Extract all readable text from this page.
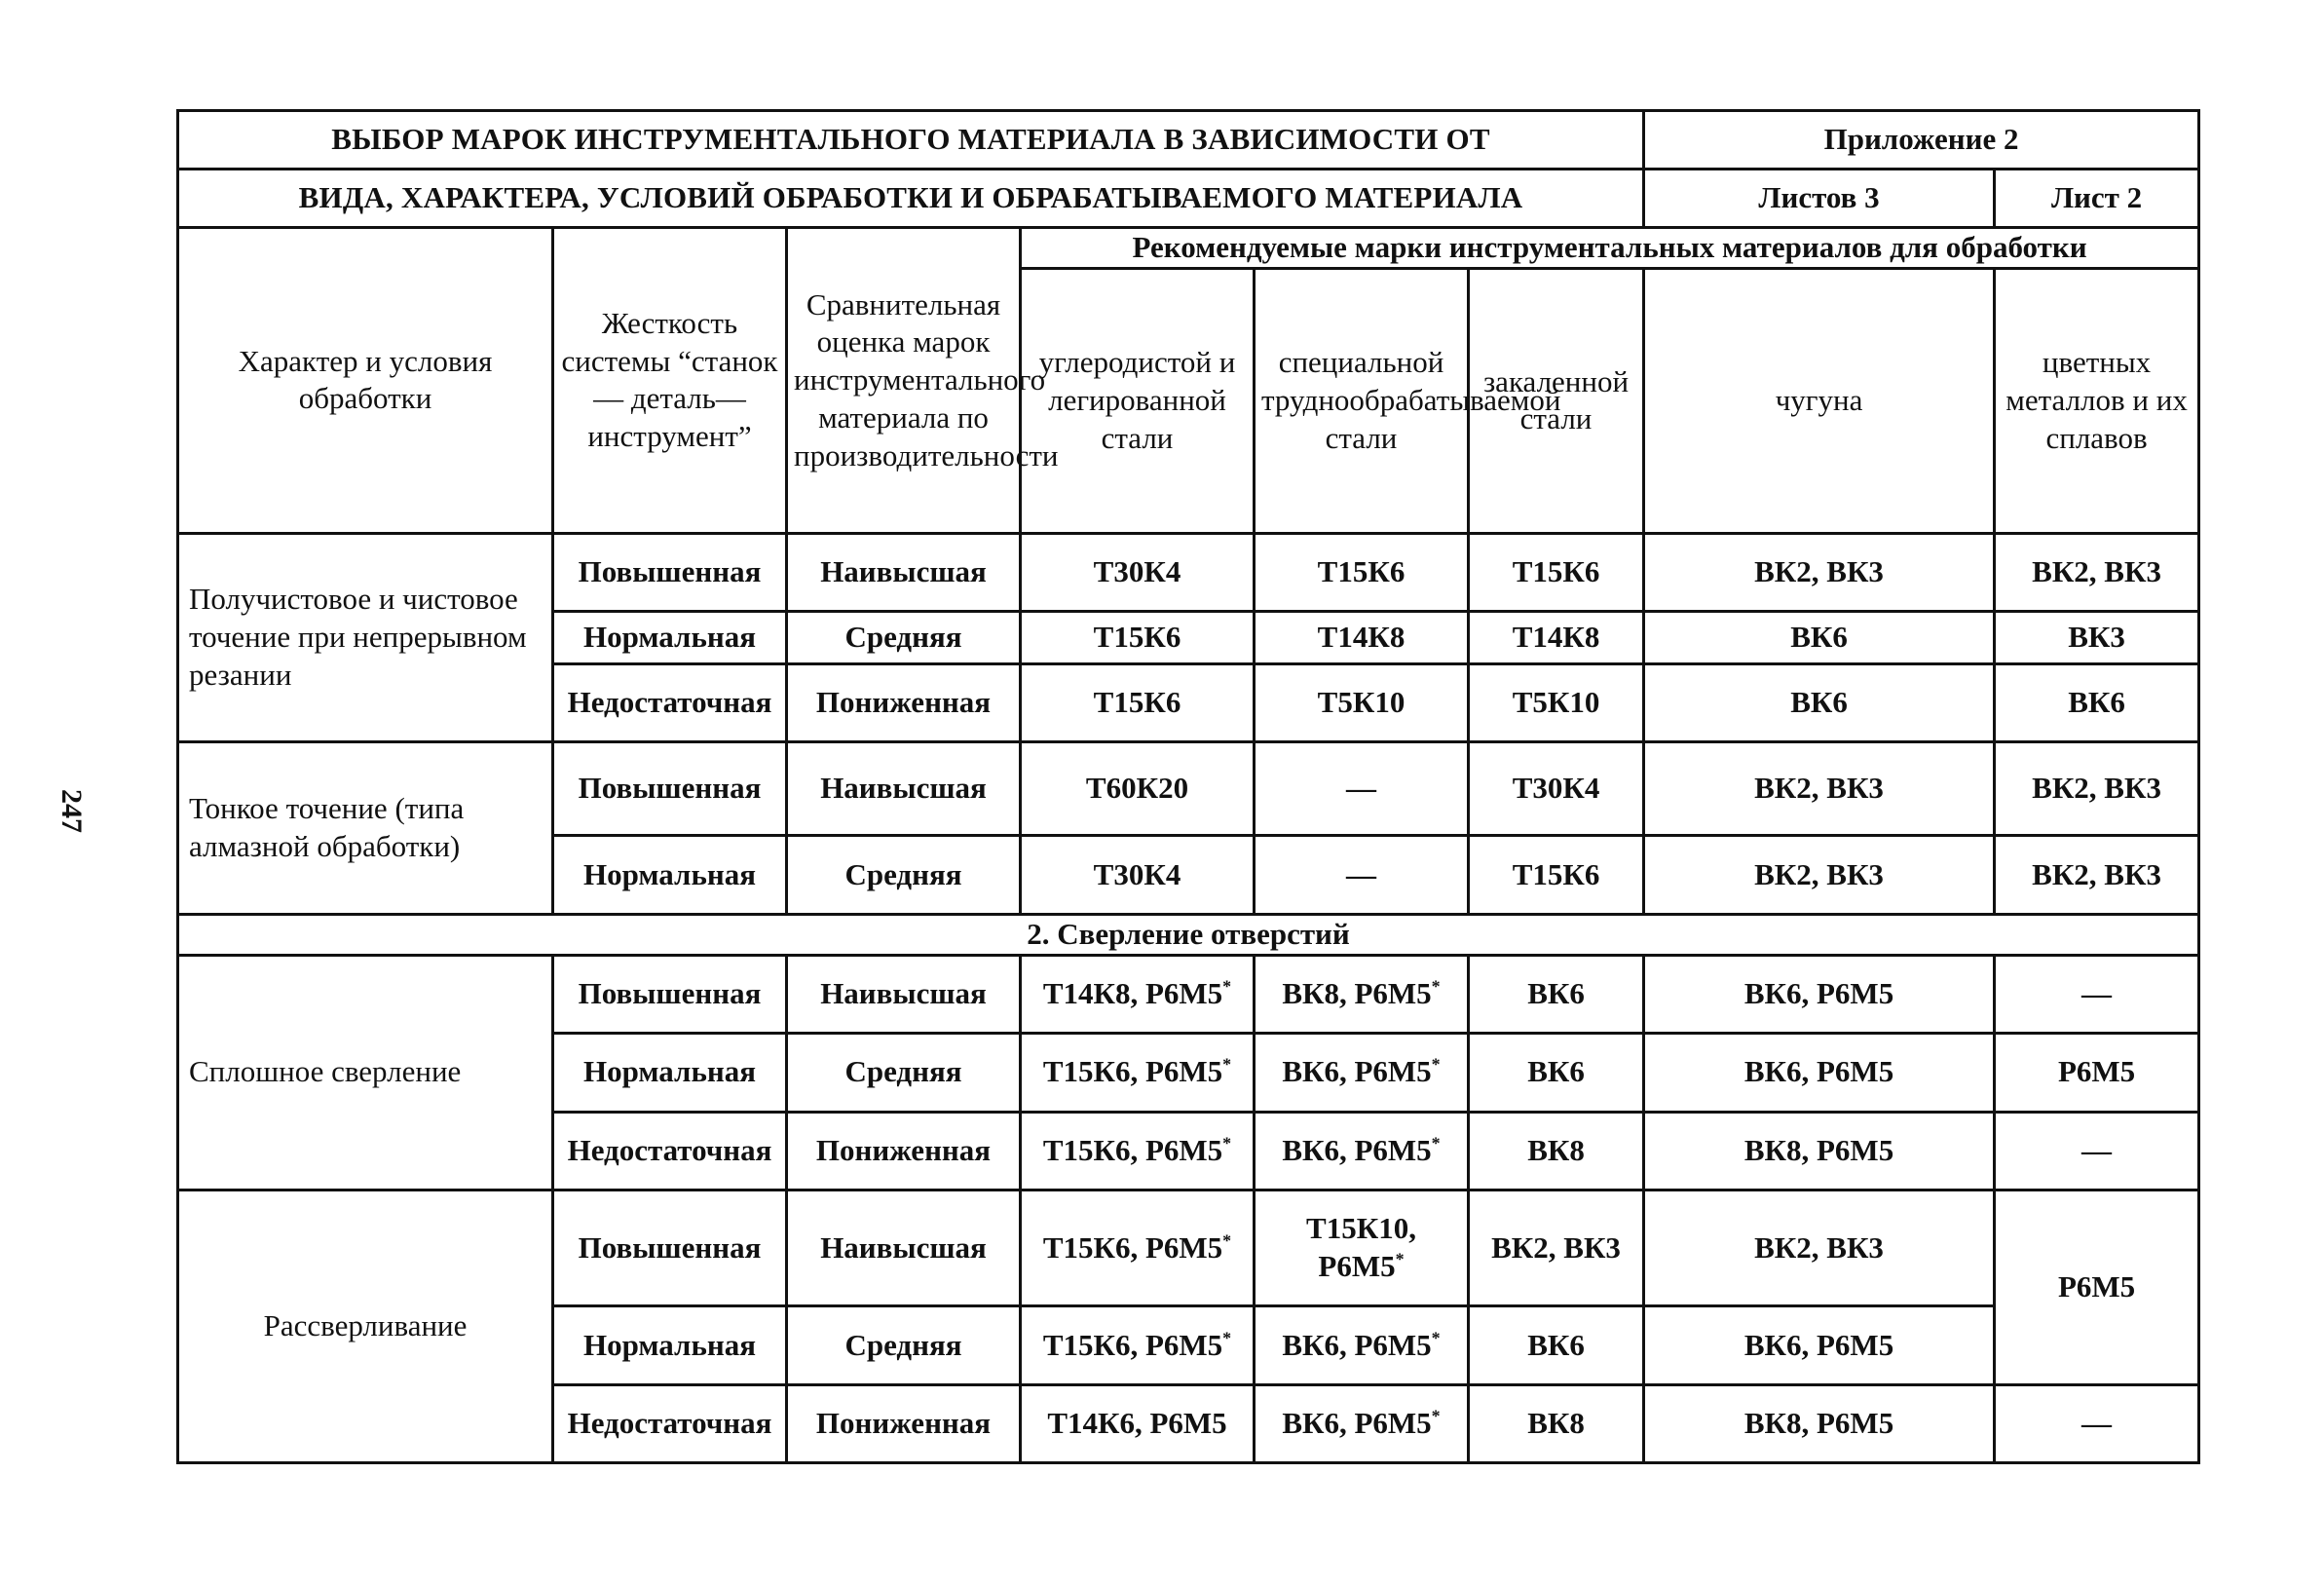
247
ВЫБОР МАРОК ИНСТРУМЕНТАЛЬНОГО МАТЕРИАЛА В ЗАВИСИМОСТИ ОТ						Приложение 2		
ВИДА, ХАРАКТЕРА, УСЛОВИЙ ОБРАБОТКИ И ОБРАБАТЫВАЕМОГО МАТЕРИАЛА						Листов 3	Лист 2	
Характер и условия обработки	Жесткость системы “станок — деталь— инструмент”	Сравнительная оценка марок инструментального материала по производительности	Рекомендуемые марки инструментальных материалов для обработки					
			углеродистой и легированной стали	специальной труднообрабатываемой стали	закаленной стали	чугуна	цветных металлов и их сплавов	
Получистовое и чистовое точение при непрерывном резании	Повышенная	Наивысшая	Т30К4	Т15К6	Т15К6	ВК2, ВК3	ВК2, ВК3	
	Нормальная	Средняя	Т15К6	Т14К8	Т14К8	ВК6	ВК3	
	Недостаточная	Пониженная	Т15К6	Т5К10	Т5К10	ВК6	ВК6	
Тонкое точение (типа алмазной обработки)	Повышенная	Наивысшая	Т60К20	—	Т30К4	ВК2, ВК3	ВК2, ВК3	
	Нормальная	Средняя	Т30К4	—	Т15К6	ВК2, ВК3	ВК2, ВК3	
2. Сверление отверстий								
Сплошное сверление	Повышенная	Наивысшая	Т14К8, Р6М5*	ВК8, Р6М5*	ВК6	ВК6, Р6М5	—	
	Нормальная	Средняя	Т15К6, Р6М5*	ВК6, Р6М5*	ВК6	ВК6, Р6М5	Р6М5	
	Недостаточная	Пониженная	Т15К6, Р6М5*	ВК6, Р6М5*	ВК8	ВК8, Р6М5	—	
Рассверливание	Повышенная	Наивысшая	Т15К6, Р6М5*	Т15К10, Р6М5*	ВК2, ВК3	ВК2, ВК3	Р6М5	
	Нормальная	Средняя	Т15К6, Р6М5*	ВК6, Р6М5*	ВК6	ВК6, Р6М5	
	Недостаточная	Пониженная	Т14К6, Р6М5	ВК6, Р6М5*	ВК8	ВК8, Р6М5	—	
